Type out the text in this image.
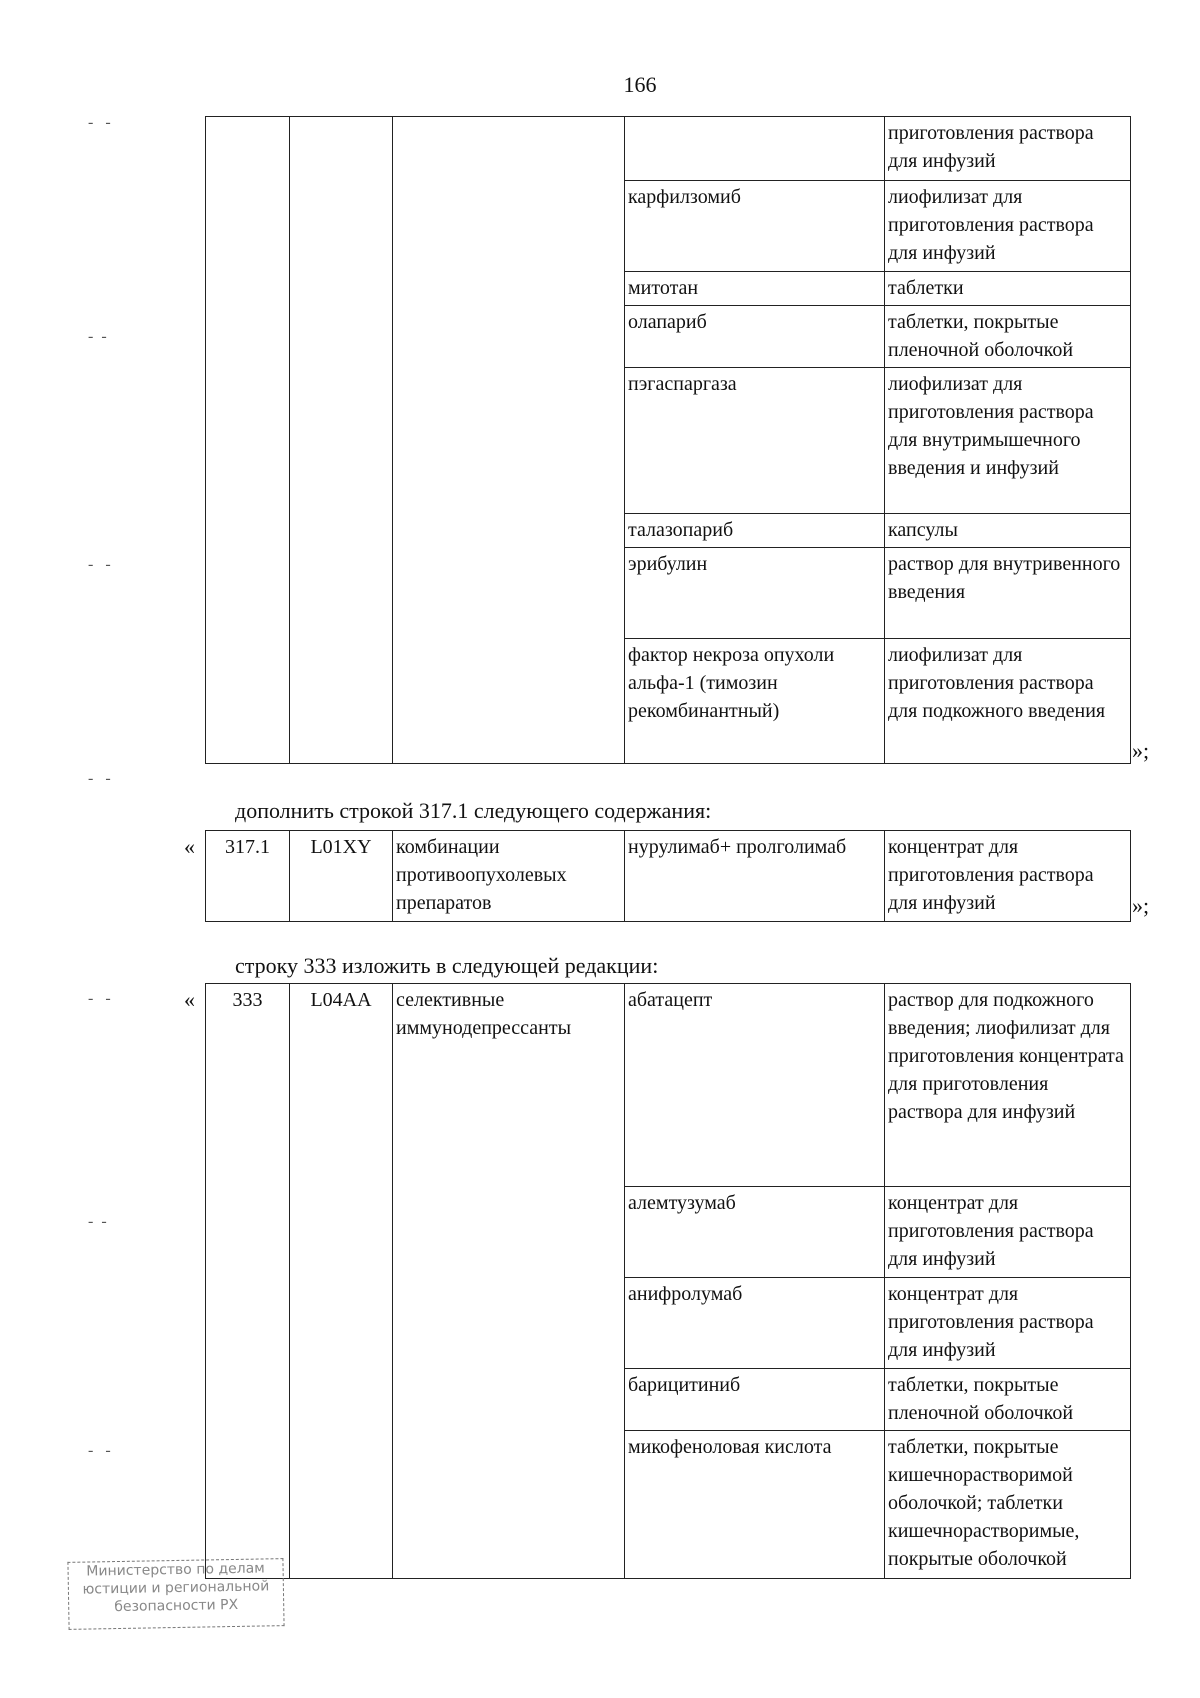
166
-   -
-  -
-   -
-   -
-   -
-  -
-   -
				приготовления раствора для инфузий
			карфилзомиб	лиофилизат для приготовления раствора для инфузий
			митотан	таблетки
			олапариб	таблетки, покрытые пленочной оболочкой
			пэгаспаргаза	лиофилизат для приготовления раствора для внутримышечного введения и инфузий
			талазопариб	капсулы
			эрибулин	раствор для внутривенного введения
			фактор некроза опухоли альфа-1 (тимозин рекомбинантный)	лиофилизат для приготовления раствора для подкожного введения
»;
дополнить строкой 317.1 следующего содержания:
« 317.1	L01XY	комбинации противоопухолевых препаратов	нурулимаб+ пролголимаб	концентрат для приготовления раствора для инфузий	»;
строку 333 изложить в следующей редакции:
« 333	L04AA	селективные иммунодепрессанты	абатацепт	раствор для подкожного введения; лиофилизат для приготовления концентрата для приготовления раствора для инфузий
			алемтузумаб	концентрат для приготовления раствора для инфузий
			анифролумаб	концентрат для приготовления раствора для инфузий
			барицитиниб	таблетки, покрытые пленочной оболочкой
			микофеноловая кислота	таблетки, покрытые кишечнорастворимой оболочкой; таблетки кишечнорастворимые, покрытые оболочкой
Министерство по делам
юстиции и региональной
безопасности РХ
